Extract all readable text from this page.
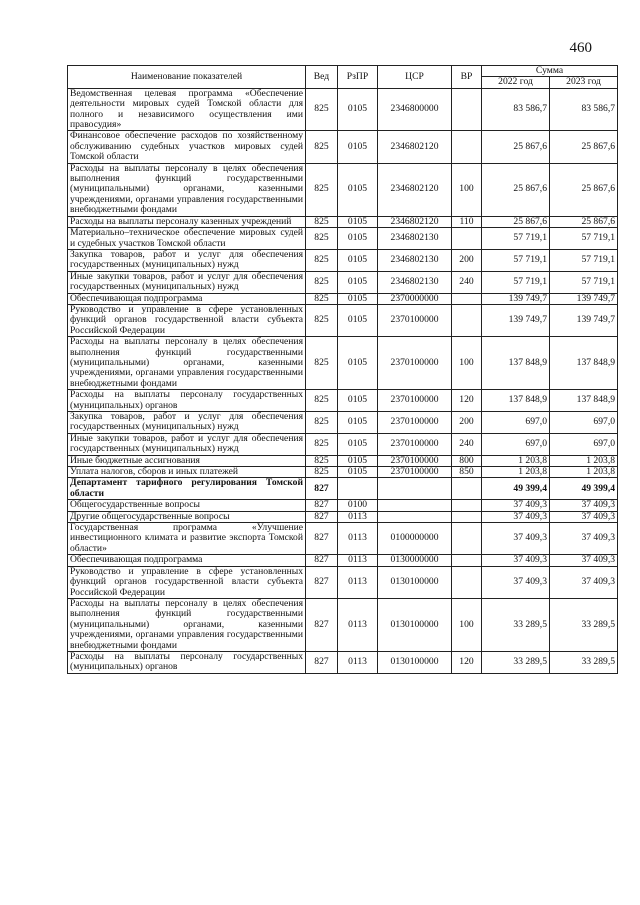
460
Наименование показателей	Вед	РзПР	ЦСР	ВР	Сумма	
					2022 год	2023 год
Ведомственная целевая программа «Обеспечение деятельности мировых судей Томской области для полного и независимого осуществления ими правосудия»	825	0105	2346800000		83 586,7	83 586,7
Финансовое обеспечение расходов по хозяйственному обслуживанию судебных участков мировых судей Томской области	825	0105	2346802120		25 867,6	25 867,6
Расходы на выплаты персоналу в целях обеспечения выполнения функций государственными (муниципальными) органами, казенными учреждениями, органами управления государственными внебюджетными фондами	825	0105	2346802120	100	25 867,6	25 867,6
Расходы на выплаты персоналу казенных учреждений	825	0105	2346802120	110	25 867,6	25 867,6
Материально–техническое обеспечение мировых судей и судебных участков Томской области	825	0105	2346802130		57 719,1	57 719,1
Закупка товаров, работ и услуг для обеспечения государственных (муниципальных) нужд	825	0105	2346802130	200	57 719,1	57 719,1
Иные закупки товаров, работ и услуг для обеспечения государственных (муниципальных) нужд	825	0105	2346802130	240	57 719,1	57 719,1
Обеспечивающая подпрограмма	825	0105	2370000000		139 749,7	139 749,7
Руководство и управление в сфере установленных функций органов государственной власти субъекта Российской Федерации	825	0105	2370100000		139 749,7	139 749,7
Расходы на выплаты персоналу в целях обеспечения выполнения функций государственными (муниципальными) органами, казенными учреждениями, органами управления государственными внебюджетными фондами	825	0105	2370100000	100	137 848,9	137 848,9
Расходы на выплаты персоналу государственных (муниципальных) органов	825	0105	2370100000	120	137 848,9	137 848,9
Закупка товаров, работ и услуг для обеспечения государственных (муниципальных) нужд	825	0105	2370100000	200	697,0	697,0
Иные закупки товаров, работ и услуг для обеспечения государственных (муниципальных) нужд	825	0105	2370100000	240	697,0	697,0
Иные бюджетные ассигнования	825	0105	2370100000	800	1 203,8	1 203,8
Уплата налогов, сборов и иных платежей	825	0105	2370100000	850	1 203,8	1 203,8
Департамент тарифного регулирования Томской области	827				49 399,4	49 399,4
Общегосударственные вопросы	827	0100			37 409,3	37 409,3
Другие общегосударственные вопросы	827	0113			37 409,3	37 409,3
Государственная программа «Улучшение инвестиционного климата и развитие экспорта Томской области»	827	0113	0100000000		37 409,3	37 409,3
Обеспечивающая подпрограмма	827	0113	0130000000		37 409,3	37 409,3
Руководство и управление в сфере установленных функций органов государственной власти субъекта Российской Федерации	827	0113	0130100000		37 409,3	37 409,3
Расходы на выплаты персоналу в целях обеспечения выполнения функций государственными (муниципальными) органами, казенными учреждениями, органами управления государственными внебюджетными фондами	827	0113	0130100000	100	33 289,5	33 289,5
Расходы на выплаты персоналу государственных (муниципальных) органов	827	0113	0130100000	120	33 289,5	33 289,5
